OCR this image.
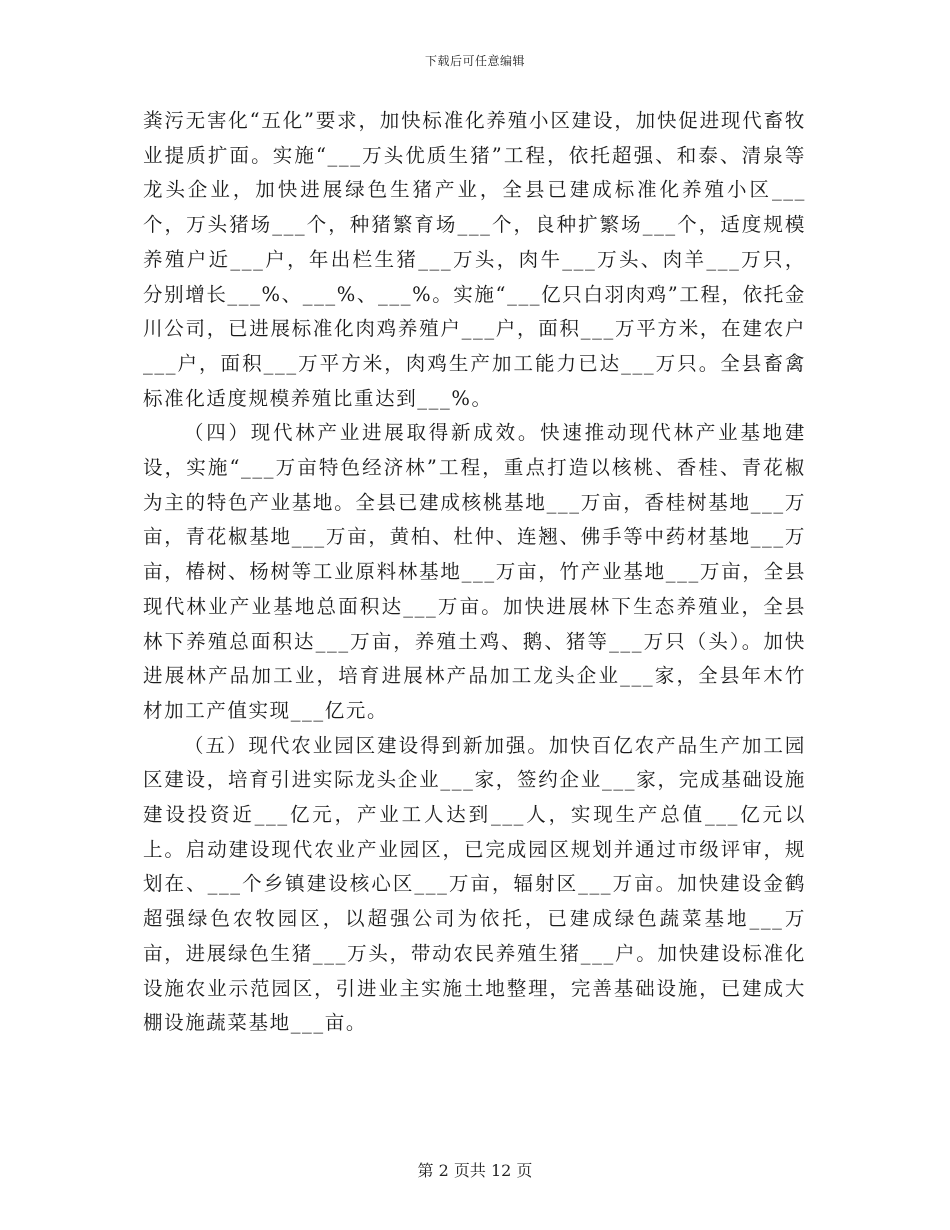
下载后可任意编辑

粪污无害化“五化”要求，加快标准化养殖小区建设，加快促进现代畜牧业提质扩面。实施“___万头优质生猪”工程，依托超强、和泰、清泉等龙头企业，加快进展绿色生猪产业，全县已建成标准化养殖小区___个，万头猪场___个，种猪繁育场___个，良种扩繁场___个，适度规模养殖户近___户，年出栏生猪___万头，肉牛___万头、肉羊___万只，分别增长___%、___%、___%。实施“___亿只白羽肉鸡”工程，依托金川公司，已进展标准化肉鸡养殖户___户，面积___万平方米，在建农户___户，面积___万平方米，肉鸡生产加工能力已达___万只。全县畜禽标准化适度规模养殖比重达到___%。

（四）现代林产业进展取得新成效。快速推动现代林产业基地建设，实施“___万亩特色经济林”工程，重点打造以核桃、香桂、青花椒为主的特色产业基地。全县已建成核桃基地___万亩，香桂树基地___万亩，青花椒基地___万亩，黄柏、杜仲、连翘、佛手等中药材基地___万亩，椿树、杨树等工业原料林基地___万亩，竹产业基地___万亩，全县现代林业产业基地总面积达___万亩。加快进展林下生态养殖业，全县林下养殖总面积达___万亩，养殖土鸡、鹅、猪等___万只（头）。加快进展林产品加工业，培育进展林产品加工龙头企业___家，全县年木竹材加工产值实现___亿元。

（五）现代农业园区建设得到新加强。加快百亿农产品生产加工园区建设，培育引进实际龙头企业___家，签约企业___家，完成基础设施建设投资近___亿元，产业工人达到___人，实现生产总值___亿元以上。启动建设现代农业产业园区，已完成园区规划并通过市级评审，规划在、___个乡镇建设核心区___万亩，辐射区___万亩。加快建设金鹤超强绿色农牧园区，以超强公司为依托，已建成绿色蔬菜基地___万亩，进展绿色生猪___万头，带动农民养殖生猪___户。加快建设标准化设施农业示范园区，引进业主实施土地整理，完善基础设施，已建成大棚设施蔬菜基地___亩。

第 2 页共 12 页
